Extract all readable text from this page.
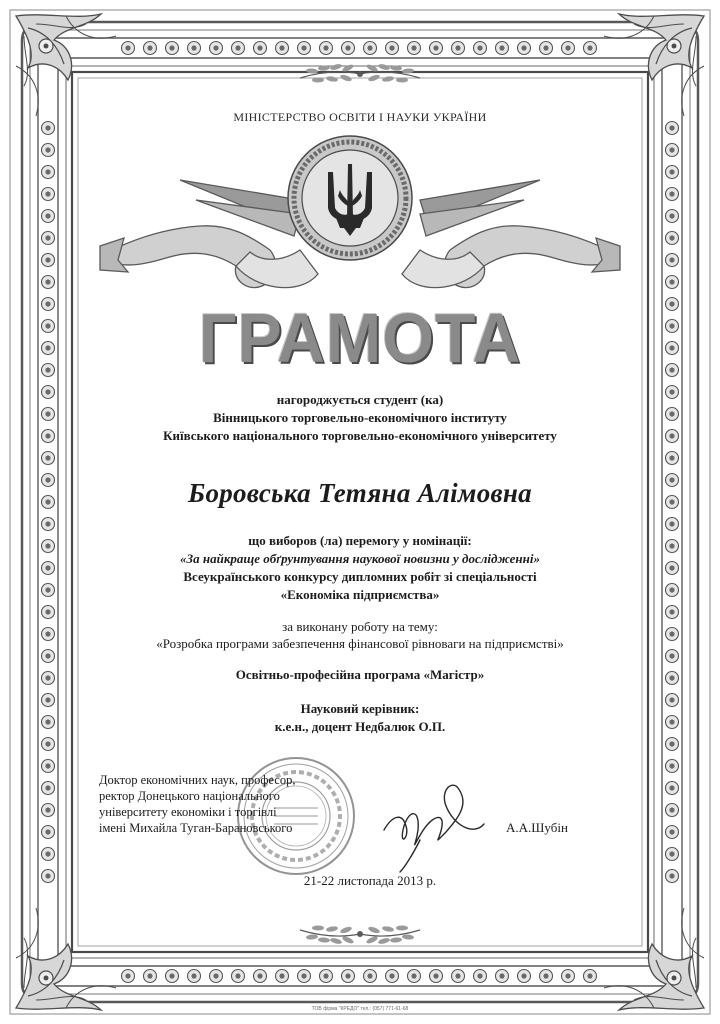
МІНІСТЕРСТВО ОСВІТИ І НАУКИ УКРАЇНИ
ГРАМОТА
нагороджується студент (ка)
Вінницького торговельно-економічного інституту
Київського національного торговельно-економічного університету
Боровська Тетяна Алімовна
що виборов (ла) перемогу у номінації:
«За найкраще обґрунтування наукової новизни у дослідженні»
Всеукраїнського конкурсу дипломних робіт зі спеціальності
«Економіка підприємства»
за виконану роботу на тему:
«Розробка програми забезпечення фінансової рівноваги на підприємстві»
Освітньо-професійна програма «Магістр»
Науковий керівник:
к.е.н., доцент Недбалюк О.П.
Доктор економічних наук, професор,
ректор Донецького національного
університету економіки і торгівлі
імені Михайла Туган-Барановського	А.А.Шубін
21-22 листопада 2013 р.
ТОВ фірма "КРЕДО" тел.: (057) 771-61-68
